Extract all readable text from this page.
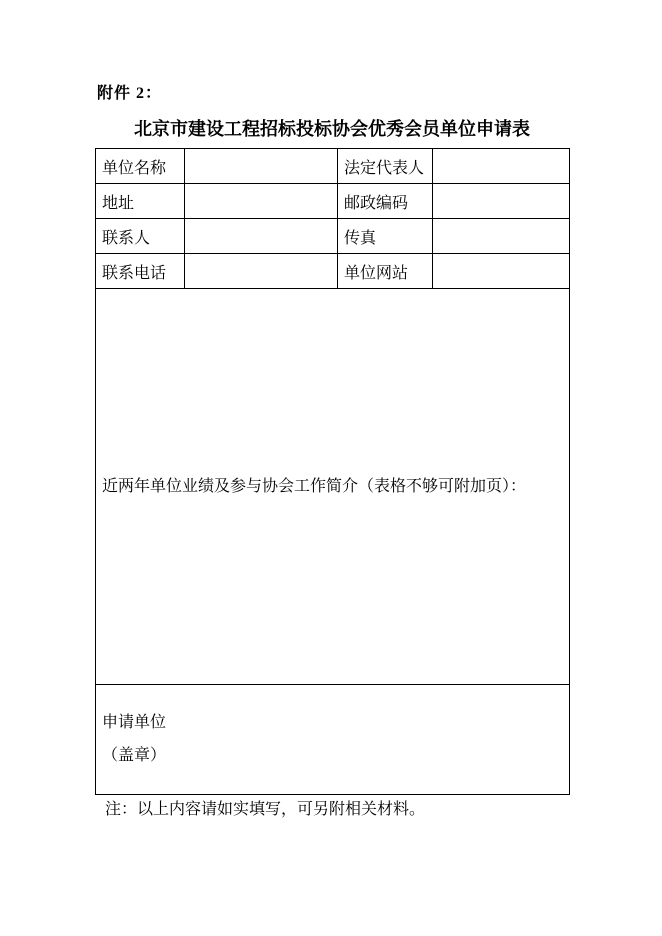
附件 2：
北京市建设工程招标投标协会优秀会员单位申请表
单位名称		法定代表人	
地址		邮政编码	
联系人		传真	
联系电话		单位网站	
近两年单位业绩及参与协会工作简介（表格不够可附加页）：			

申请单位
（盖章）			
注：以上内容请如实填写，可另附相关材料。
